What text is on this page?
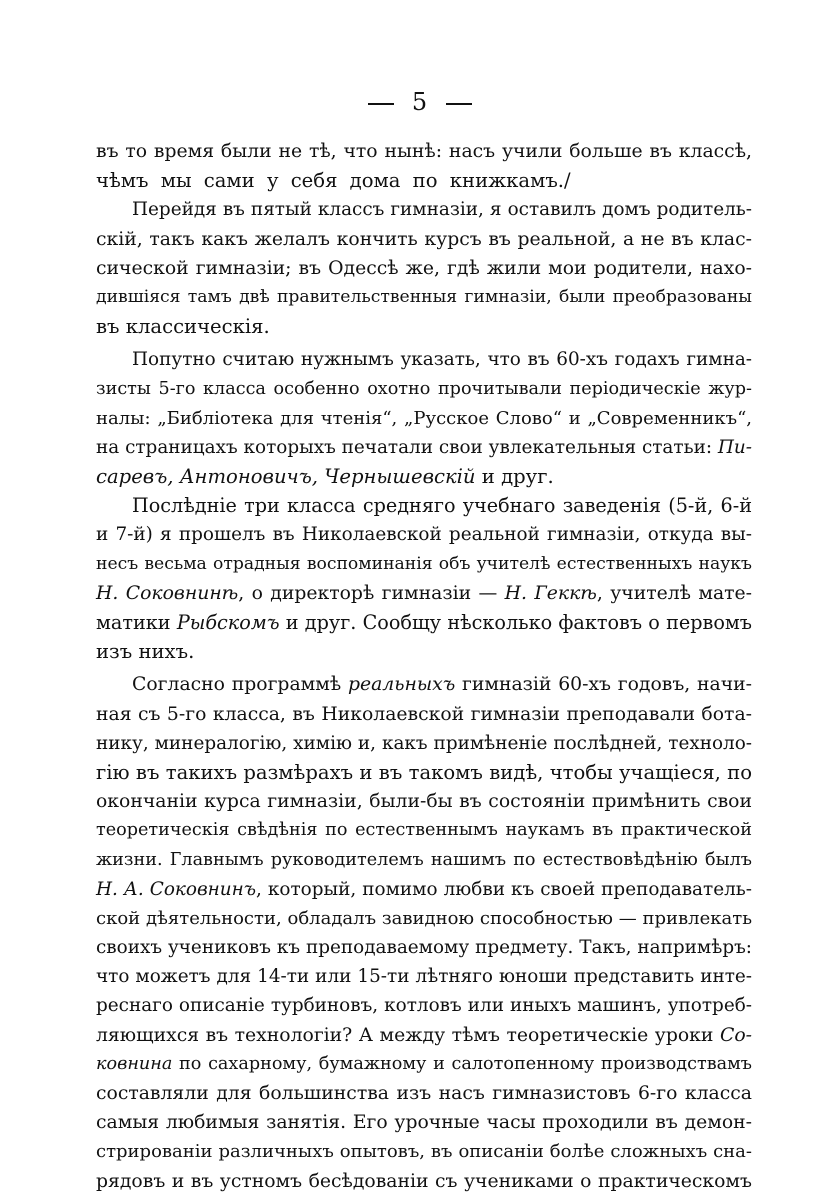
5
въ то время были не тѣ, что нынѣ: насъ учили больше въ классѣ,
чѣмъ мы сами у себя дома по книжкамъ./
Перейдя въ пятый классъ гимназіи, я оставилъ домъ родитель-
скій, такъ какъ желалъ кончить курсъ въ реальной, а не въ клас-
сической гимназіи; въ Одессѣ же, гдѣ жили мои родители, нахо-
дившіяся тамъ двѣ правительственныя гимназіи, были преобразованы
въ классическія.
Попутно считаю нужнымъ указать, что въ 60-хъ годахъ гимна-
зисты 5-го класса особенно охотно прочитывали періодическіе жур-
налы: „Библіотека для чтенія“, „Русское Слово“ и „Современникъ“,
на страницахъ которыхъ печатали свои увлекательныя статьи: Пи-
саревъ, Антоновичъ, Чернышевскій и друг.
Послѣдніе три класса средняго учебнаго заведенія (5-й, 6-й
и 7-й) я прошелъ въ Николаевской реальной гимназіи, откуда вы-
несъ весьма отрадныя воспоминанія объ учителѣ естественныхъ наукъ
Н. Соковнинѣ, о директорѣ гимназіи — Н. Геккѣ, учителѣ мате-
матики Рыбскомъ и друг. Сообщу нѣсколько фактовъ о первомъ
изъ нихъ.
Согласно программѣ реальныхъ гимназій 60-хъ годовъ, начи-
ная съ 5-го класса, въ Николаевской гимназіи преподавали бота-
нику, минералогію, химію и, какъ примѣненіе послѣдней, техноло-
гію въ такихъ размѣрахъ и въ такомъ видѣ, чтобы учащіеся, по
окончаніи курса гимназіи, были-бы въ состояніи примѣнить свои
теоретическія свѣдѣнія по естественнымъ наукамъ въ практической
жизни. Главнымъ руководителемъ нашимъ по естествовѣдѣнію былъ
Н. А. Соковнинъ, который, помимо любви къ своей преподаватель-
ской дѣятельности, обладалъ завидною способностью — привлекать
своихъ учениковъ къ преподаваемому предмету. Такъ, напримѣръ:
что можетъ для 14-ти или 15-ти лѣтняго юноши представить инте-
реснаго описаніе турбиновъ, котловъ или иныхъ машинъ, употреб-
ляющихся въ технологіи? А между тѣмъ теоретическіе уроки Со-
ковнина по сахарному, бумажному и салотопенному производствамъ
составляли для большинства изъ насъ гимназистовъ 6-го класса
самыя любимыя занятія. Его урочные часы проходили въ демон-
стрированіи различныхъ опытовъ, въ описаніи болѣе сложныхъ сна-
рядовъ и въ устномъ бесѣдованіи съ учениками о практическомъ
